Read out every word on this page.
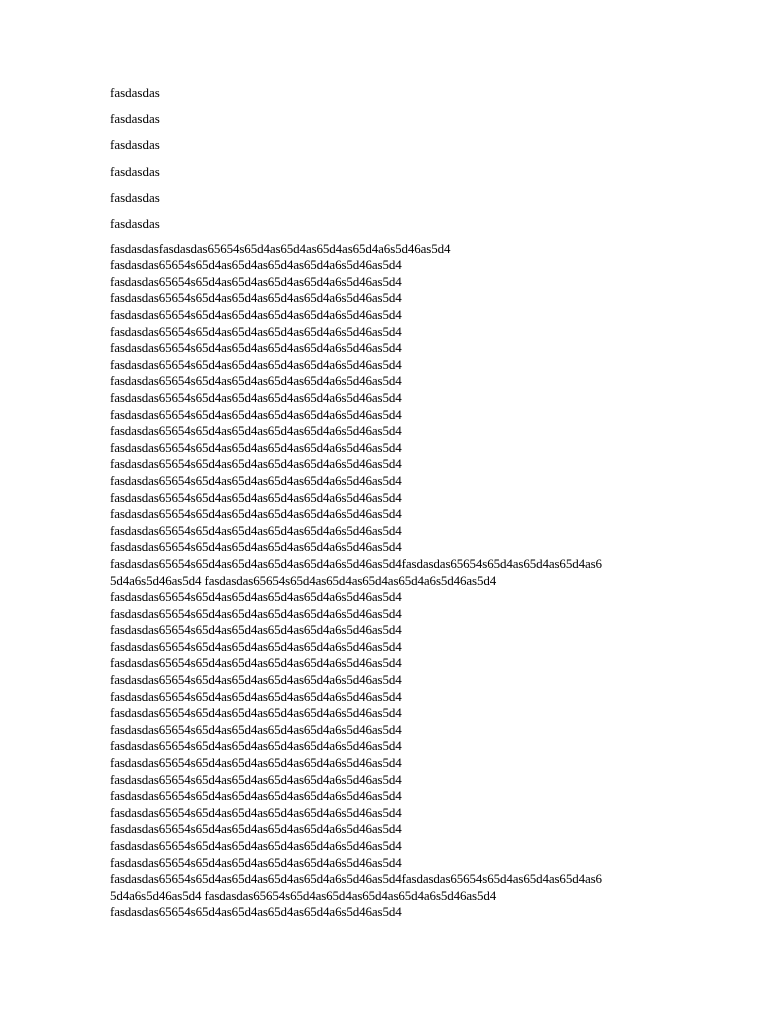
fasdasdas

fasdasdas

fasdasdas

fasdasdas

fasdasdas

fasdasdas

fasdasdasfasdasdas65654s65d4as65d4as65d4as65d4a6s5d46as5d4
fasdasdas65654s65d4as65d4as65d4as65d4a6s5d46as5d4
fasdasdas65654s65d4as65d4as65d4as65d4a6s5d46as5d4
fasdasdas65654s65d4as65d4as65d4as65d4a6s5d46as5d4
fasdasdas65654s65d4as65d4as65d4as65d4a6s5d46as5d4
fasdasdas65654s65d4as65d4as65d4as65d4a6s5d46as5d4
fasdasdas65654s65d4as65d4as65d4as65d4a6s5d46as5d4
fasdasdas65654s65d4as65d4as65d4as65d4a6s5d46as5d4
fasdasdas65654s65d4as65d4as65d4as65d4a6s5d46as5d4
fasdasdas65654s65d4as65d4as65d4as65d4a6s5d46as5d4
fasdasdas65654s65d4as65d4as65d4as65d4a6s5d46as5d4
fasdasdas65654s65d4as65d4as65d4as65d4a6s5d46as5d4
fasdasdas65654s65d4as65d4as65d4as65d4a6s5d46as5d4
fasdasdas65654s65d4as65d4as65d4as65d4a6s5d46as5d4
fasdasdas65654s65d4as65d4as65d4as65d4a6s5d46as5d4
fasdasdas65654s65d4as65d4as65d4as65d4a6s5d46as5d4
fasdasdas65654s65d4as65d4as65d4as65d4a6s5d46as5d4
fasdasdas65654s65d4as65d4as65d4as65d4a6s5d46as5d4
fasdasdas65654s65d4as65d4as65d4as65d4a6s5d46as5d4
fasdasdas65654s65d4as65d4as65d4as65d4a6s5d46as5d4fasdasdas65654s65d4as65d4as65d4as6
5d4a6s5d46as5d4 fasdasdas65654s65d4as65d4as65d4as65d4a6s5d46as5d4
fasdasdas65654s65d4as65d4as65d4as65d4a6s5d46as5d4
fasdasdas65654s65d4as65d4as65d4as65d4a6s5d46as5d4
fasdasdas65654s65d4as65d4as65d4as65d4a6s5d46as5d4
fasdasdas65654s65d4as65d4as65d4as65d4a6s5d46as5d4
fasdasdas65654s65d4as65d4as65d4as65d4a6s5d46as5d4
fasdasdas65654s65d4as65d4as65d4as65d4a6s5d46as5d4
fasdasdas65654s65d4as65d4as65d4as65d4a6s5d46as5d4
fasdasdas65654s65d4as65d4as65d4as65d4a6s5d46as5d4
fasdasdas65654s65d4as65d4as65d4as65d4a6s5d46as5d4
fasdasdas65654s65d4as65d4as65d4as65d4a6s5d46as5d4
fasdasdas65654s65d4as65d4as65d4as65d4a6s5d46as5d4
fasdasdas65654s65d4as65d4as65d4as65d4a6s5d46as5d4
fasdasdas65654s65d4as65d4as65d4as65d4a6s5d46as5d4
fasdasdas65654s65d4as65d4as65d4as65d4a6s5d46as5d4
fasdasdas65654s65d4as65d4as65d4as65d4a6s5d46as5d4
fasdasdas65654s65d4as65d4as65d4as65d4a6s5d46as5d4
fasdasdas65654s65d4as65d4as65d4as65d4a6s5d46as5d4
fasdasdas65654s65d4as65d4as65d4as65d4a6s5d46as5d4fasdasdas65654s65d4as65d4as65d4as6
5d4a6s5d46as5d4 fasdasdas65654s65d4as65d4as65d4as65d4a6s5d46as5d4
fasdasdas65654s65d4as65d4as65d4as65d4a6s5d46as5d4
